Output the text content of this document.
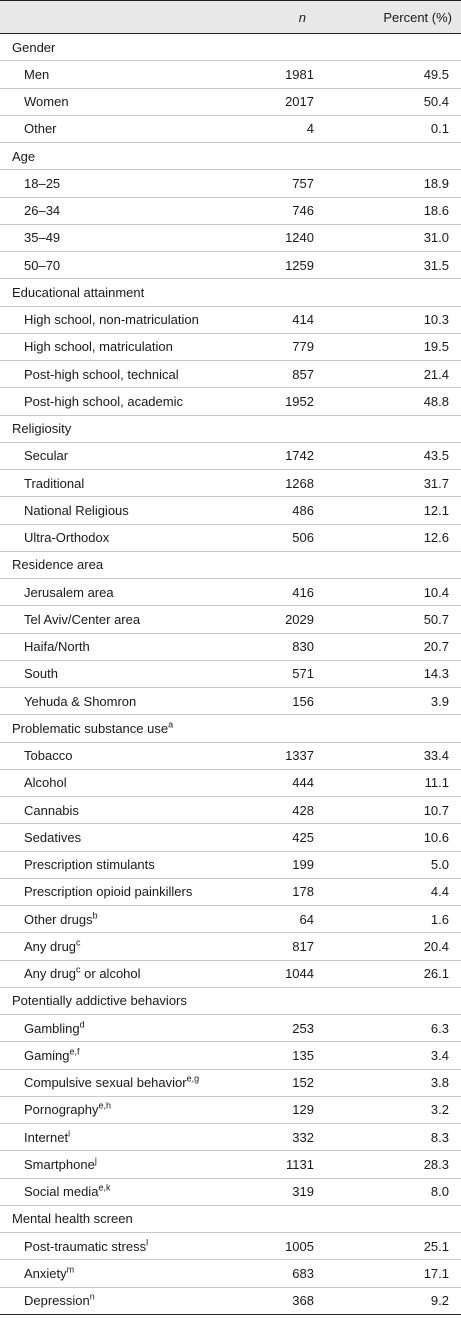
n	Percent (%)
Gender
Men	1981	49.5
Women	2017	50.4
Other	4	0.1
Age
18–25	757	18.9
26–34	746	18.6
35–49	1240	31.0
50–70	1259	31.5
Educational attainment
High school, non-matriculation	414	10.3
High school, matriculation	779	19.5
Post-high school, technical	857	21.4
Post-high school, academic	1952	48.8
Religiosity
Secular	1742	43.5
Traditional	1268	31.7
National Religious	486	12.1
Ultra-Orthodox	506	12.6
Residence area
Jerusalem area	416	10.4
Tel Aviv/Center area	2029	50.7
Haifa/North	830	20.7
South	571	14.3
Yehuda & Shomron	156	3.9
Problematic substance use$^a$
Tobacco	1337	33.4
Alcohol	444	11.1
Cannabis	428	10.7
Sedatives	425	10.6
Prescription stimulants	199	5.0
Prescription opioid painkillers	178	4.4
Other drugs$^b$	64	1.6
Any drug$^c$	817	20.4
Any drug$^c$ or alcohol	1044	26.1
Potentially addictive behaviors
Gambling$^d$	253	6.3
Gaming$^{e,f}$	135	3.4
Compulsive sexual behavior$^{e,g}$	152	3.8
Pornography$^{e,h}$	129	3.2
Internet$^i$	332	8.3
Smartphone$^j$	1131	28.3
Social media$^{e,k}$	319	8.0
Mental health screen
Post-traumatic stress$^l$	1005	25.1
Anxiety$^m$	683	17.1
Depression$^n$	368	9.2
